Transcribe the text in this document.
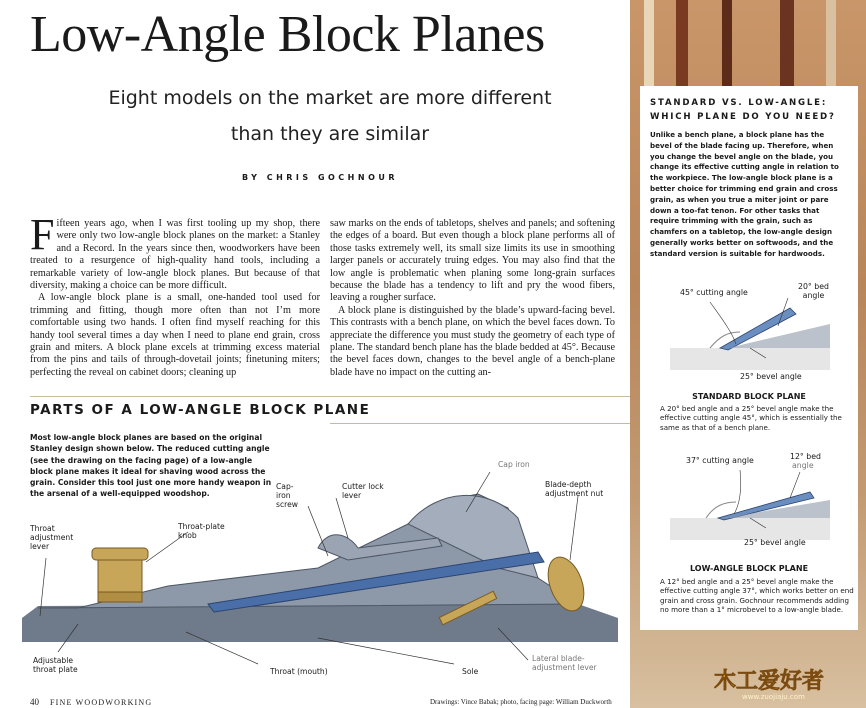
Low-Angle Block Planes
Eight models on the market are more different
than they are similar
BY CHRIS GOCHNOUR

Fifteen years ago, when I was first tooling up my shop, there were only two low-angle block planes on the market: a Stanley and a Record. In the years since then, woodworkers have been treated to a resurgence of high-quality hand tools, including a remarkable variety of low-angle block planes. But because of that diversity, making a choice can be more difficult.

A low-angle block plane is a small, one-handed tool used for trimming and fitting, though more often than not I’m more comfortable using two hands. I often find myself reaching for this handy tool several times a day when I need to plane end grain, cross grain and miters. A block plane excels at trimming excess material from the pins and tails of through-dovetail joints; finetuning miters; perfecting the reveal on cabinet doors; cleaning up

saw marks on the ends of tabletops, shelves and panels; and softening the edges of a board. But even though a block plane performs all of those tasks extremely well, its small size limits its use in smoothing larger panels or accurately truing edges. You may also find that the low angle is problematic when planing some long-grain surfaces because the blade has a tendency to lift and pry the wood fibers, leaving a rougher surface.

A block plane is distinguished by the blade’s upward-facing bevel. This contrasts with a bench plane, on which the bevel faces down. To appreciate the difference you must study the geometry of each type of plane. The standard bench plane has the blade bedded at 45°. Because the bevel faces down, changes to the bevel angle of a bench-plane blade have no impact on the cutting an-

PARTS OF A LOW-ANGLE BLOCK PLANE
Most low-angle block planes are based on the original Stanley design shown below. The reduced cutting angle (see the drawing on the facing page) of a low-angle block plane makes it ideal for shaving wood across the grain. Consider this tool just one more handy weapon in the arsenal of a well-equipped woodshop.
Cap iron
Cap-
iron
screw
Cutter lock
lever
Blade-depth
adjustment nut
Throat
adjustment
lever
Throat-plate
knob
Adjustable
throat plate	Throat (mouth)	Sole
Lateral blade-
adjustment lever
40 FINE WOODWORKING	Drawings: Vince Babak; photo, facing page: William Duckworth
STANDARD VS. LOW-ANGLE: WHICH PLANE DO YOU NEED?
Unlike a bench plane, a block plane has the bevel of the blade facing up. Therefore, when you change the bevel angle on the blade, you change its effective cutting angle in relation to the workpiece. The low-angle block plane is a better choice for trimming end grain and cross grain, as when you true a miter joint or pare down a too-fat tenon. For other tasks that require trimming with the grain, such as chamfers on a tabletop, the low-angle design generally works better on softwoods, and the standard version is suitable for hardwoods.
45° cutting angle
20° bed
angle
25° bevel angle
STANDARD BLOCK PLANE
A 20° bed angle and a 25° bevel angle make the effective cutting angle 45°, which is essentially the same as that of a bench plane.
37° cutting angle	12° bed
angle
25° bevel angle
LOW-ANGLE BLOCK PLANE
A 12° bed angle and a 25° bevel angle make the effective cutting angle 37°, which works better on end grain and cross grain. Gochnour recommends adding no more than a 1° microbevel to a low-angle blade.
木工爱好者
www.zuojiaju.com
